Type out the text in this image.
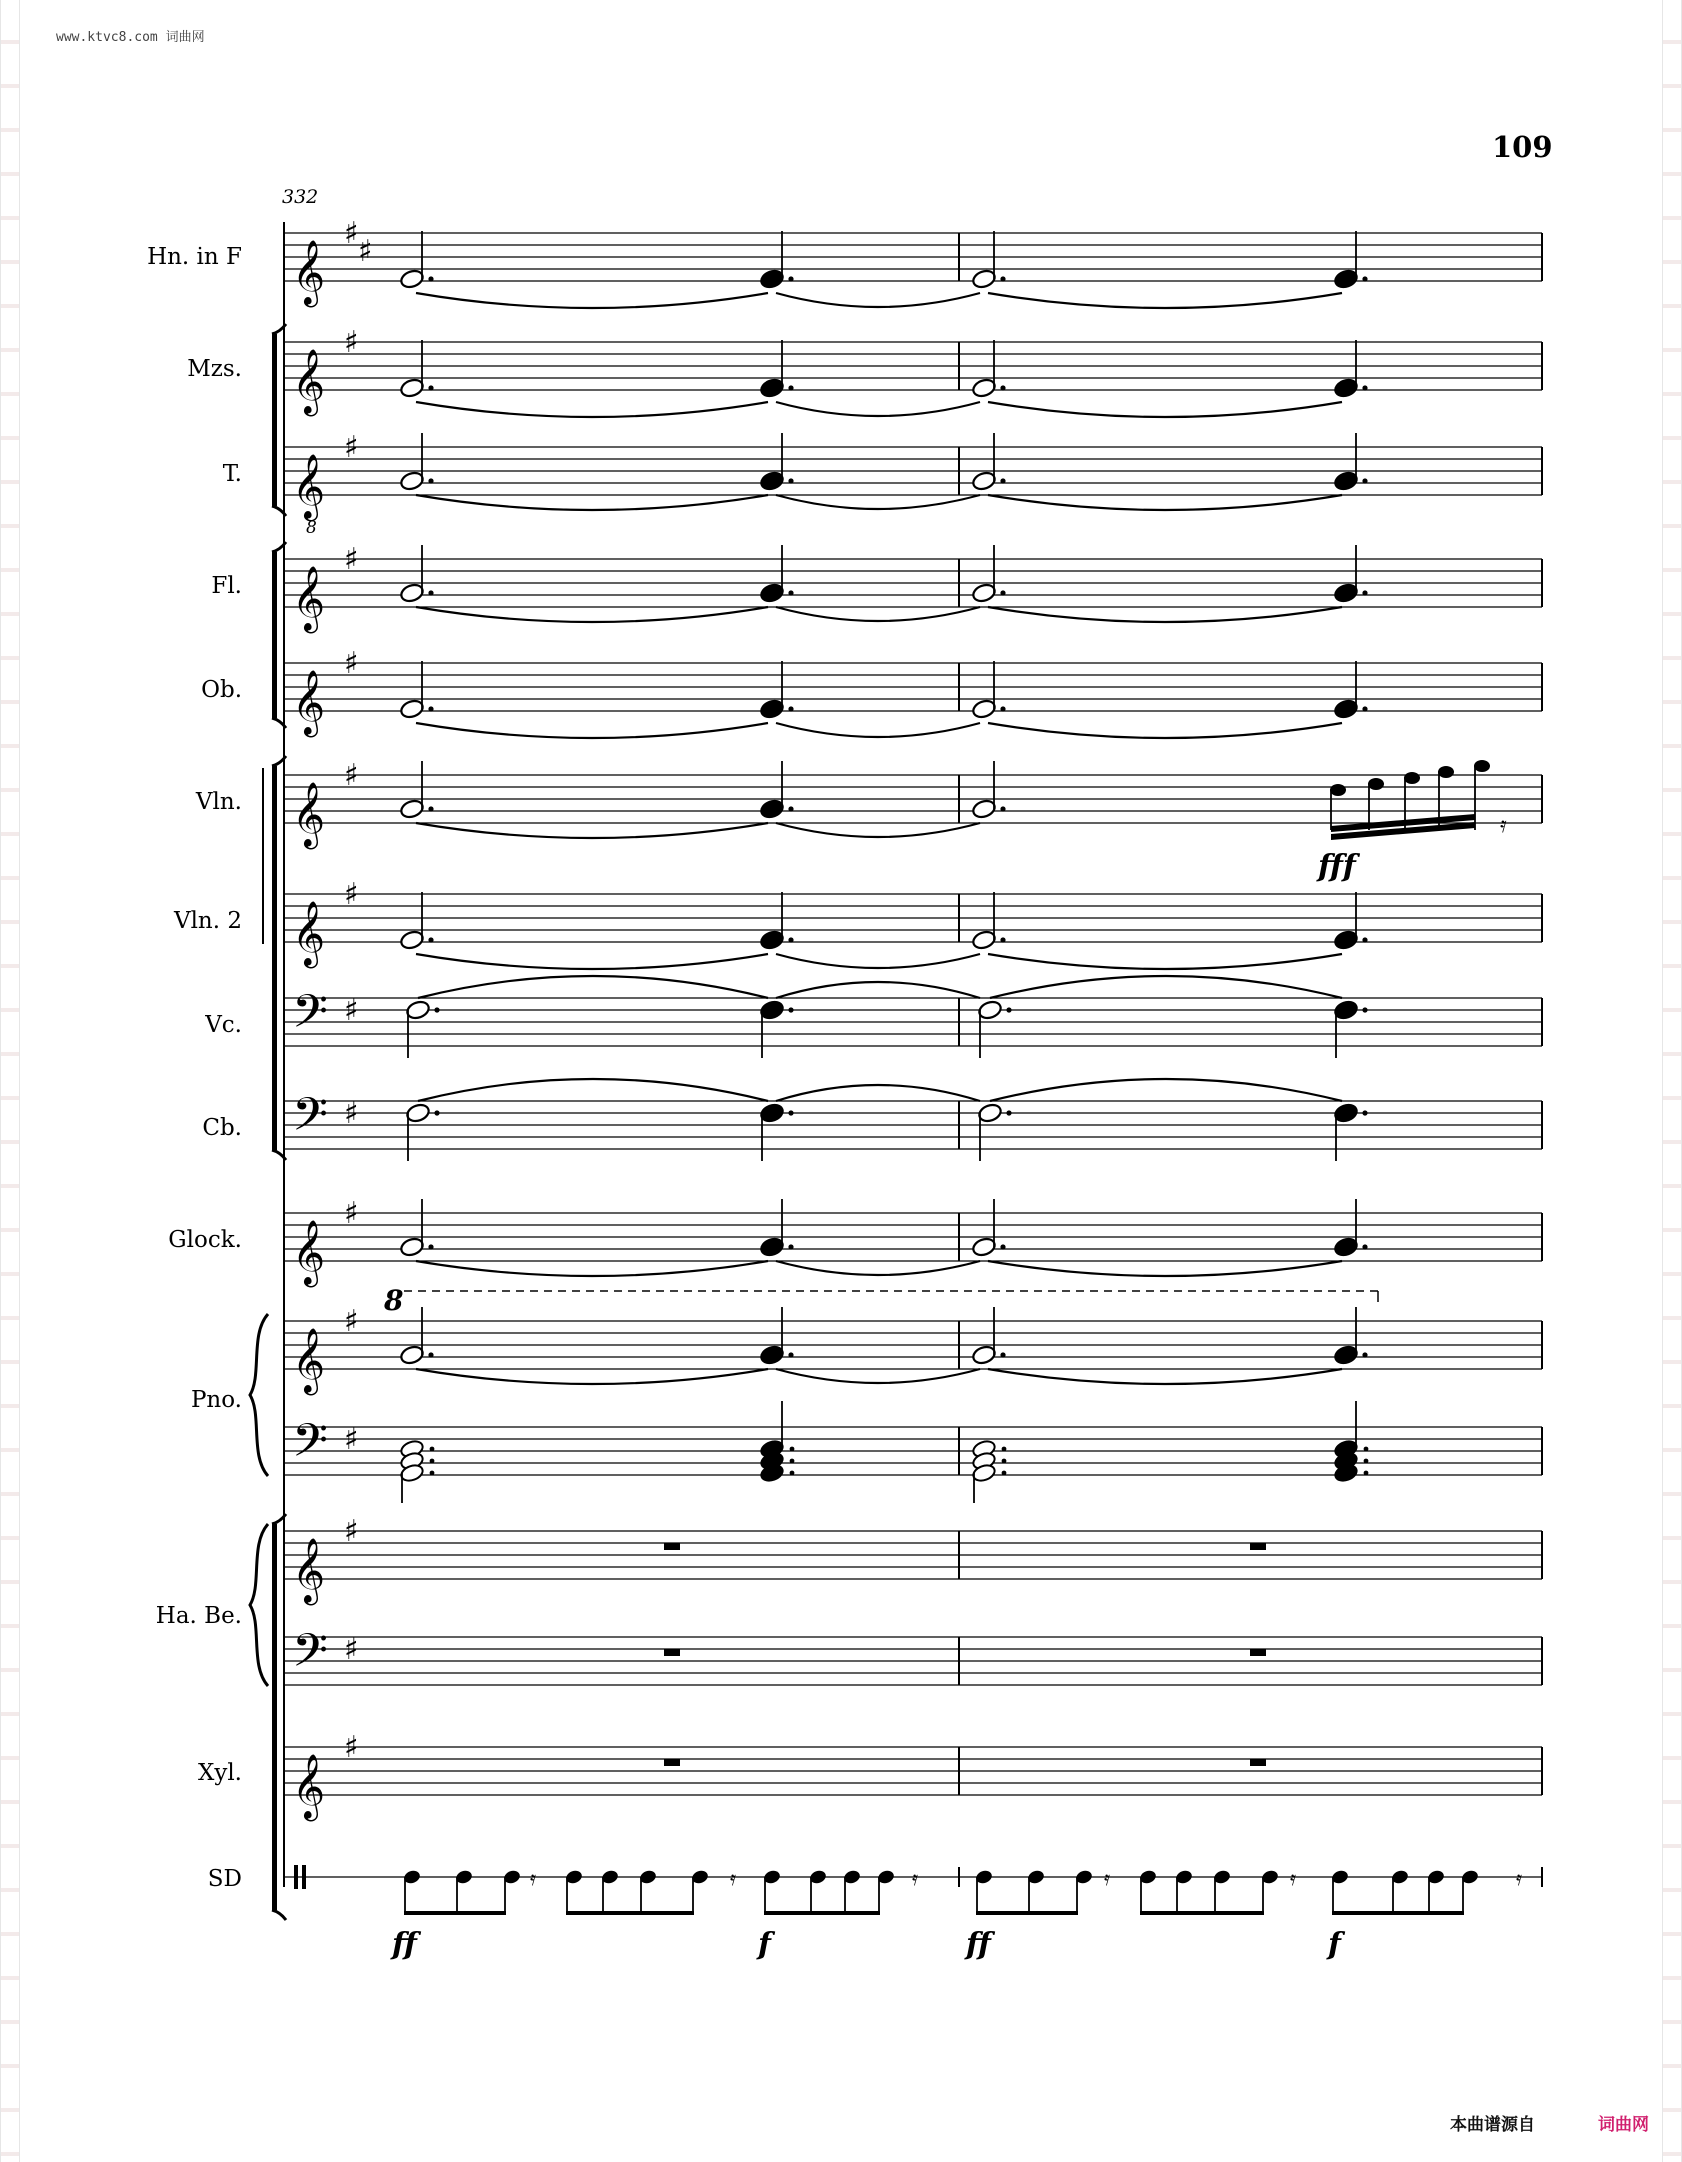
www.ktvc8.com 词曲网
109
332
Hn. in F
Mzs.
T.
Fl.
Ob.
Vln.
Vln. 2
Vc.
Cb.
Glock.
Pno.
Ha. Be.
Xyl.
SD
𝄞
♯
♯
𝄞
♯
𝄞
♯
𝄞
♯
𝄞
♯
𝄞
♯
𝄞
♯
𝄢 ♯
𝄢 ♯
𝄞
♯
𝄞
♯
𝄢 ♯
𝄞
♯
𝄢 ♯
𝄞
♯
𝄿
𝄿	𝄿	𝄿	𝄿	𝄿	𝄿
fff
ff	f	ff	f
8
8
本曲谱源自	词曲网
